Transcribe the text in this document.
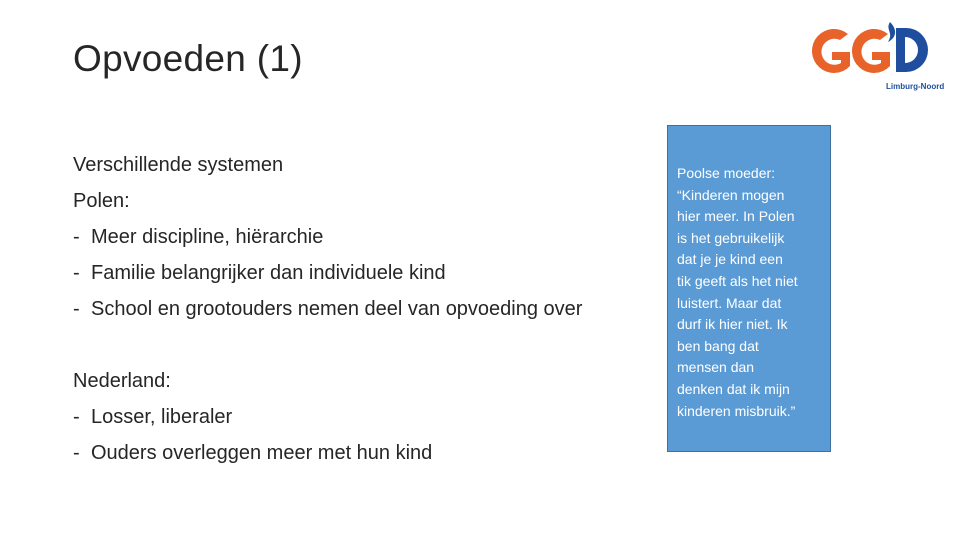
Opvoeden (1)
Verschillende systemen
Polen:
- Meer discipline, hiërarchie
- Familie belangrijker dan individuele kind
- School en grootouders nemen deel van opvoeding over
Nederland:
- Losser, liberaler
- Ouders overleggen meer met hun kind
Poolse moeder:
“Kinderen mogen
hier meer. In Polen
is het gebruikelijk
dat je je kind een
tik geeft als het niet
luistert. Maar dat
durf ik hier niet. Ik
ben bang dat
mensen dan
denken dat ik mijn
kinderen misbruik.”
Limburg-Noord
